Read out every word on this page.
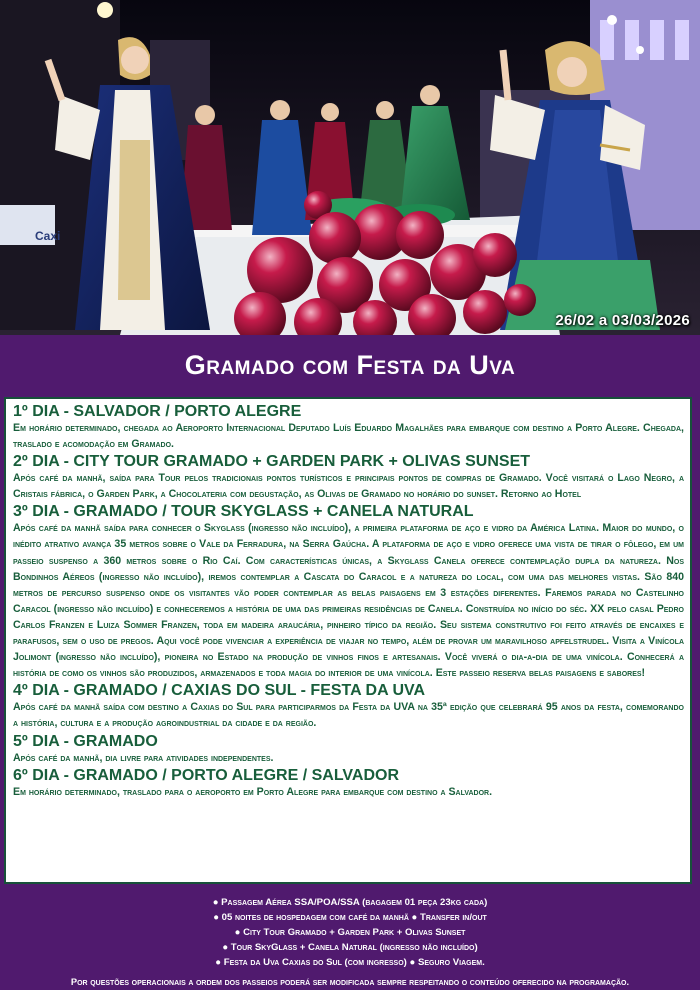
Caxi
26/02 a 03/03/2026
Gramado com Festa da Uva
1º DIA - SALVADOR / PORTO ALEGRE

Em horário determinado, chegada ao Aeroporto Internacional Deputado Luís Eduardo Magalhães para embarque com destino a Porto Alegre. Chegada, traslado e acomodação em Gramado.

2º DIA - CITY TOUR GRAMADO + GARDEN PARK + OLIVAS SUNSET

Após café da manhã, saída para Tour pelos tradicionais pontos turísticos e principais pontos de compras de Gramado. Você visitará o Lago Negro, a Cristais fábrica, o Garden Park, a Chocolateria com degustação, as Olivas de Gramado no horário do sunset. Retorno ao Hotel

3º DIA - GRAMADO / TOUR SKYGLASS + CANELA NATURAL

Após café da manhã saída para conhecer o Skyglass (ingresso não incluído), a primeira plataforma de aço e vidro da América Latina. Maior do mundo, o inédito atrativo avança 35 metros sobre o Vale da Ferradura, na Serra Gaúcha. A plataforma de aço e vidro oferece uma vista de tirar o fôlego, em um passeio suspenso a 360 metros sobre o Rio Caí. Com características únicas, a Skyglass Canela oferece contemplação dupla da natureza. Nos Bondinhos Aéreos (ingresso não incluído), iremos contemplar a Cascata do Caracol e a natureza do local, com uma das melhores vistas. São 840 metros de percurso suspenso onde os visitantes vão poder contemplar as belas paisagens em 3 estações diferentes. Faremos parada no Castelinho Caracol (ingresso não incluído) e conheceremos a história de uma das primeiras residências de Canela. Construída no início do séc. XX pelo casal Pedro Carlos Franzen e Luiza Sommer Franzen, toda em madeira araucária, pinheiro típico da região. Seu sistema construtivo foi feito através de encaixes e parafusos, sem o uso de pregos. Aqui você pode vivenciar a experiência de viajar no tempo, além de provar um maravilhoso apfelstrudel. Visita a Vinícola Jolimont (ingresso não incluído), pioneira no Estado na produção de vinhos finos e artesanais. Você viverá o dia-a-dia de uma vinícola. Conhecerá a história de como os vinhos são produzidos, armazenados e toda magia do interior de uma vinícola. Este passeio reserva belas paisagens e sabores!

4º DIA - GRAMADO / CAXIAS DO SUL - FESTA DA UVA

Após café da manhã saída com destino a Caxias do Sul para participarmos da Festa da UVA na 35ª edição que celebrará 95 anos da festa, comemorando a história, cultura e a produção agroindustrial da cidade e da região.

5º DIA - GRAMADO

Após café da manhã, dia livre para atividades independentes.

6º DIA - GRAMADO / PORTO ALEGRE / SALVADOR

Em horário determinado, traslado para o aeroporto em Porto Alegre para embarque com destino a Salvador.

● Passagem Aérea SSA/POA/SSA (bagagem 01 peça 23kg cada)
● 05 noites de hospedagem com café da manhã ● Transfer in/out
● City Tour Gramado + Garden Park + Olivas Sunset
● Tour SkyGlass + Canela Natural (ingresso não incluído)
● Festa da Uva Caxias do Sul (com ingresso) ● Seguro Viagem.
Por questões operacionais a ordem dos passeios poderá ser modificada sempre respeitando o conteúdo oferecido na programação.
